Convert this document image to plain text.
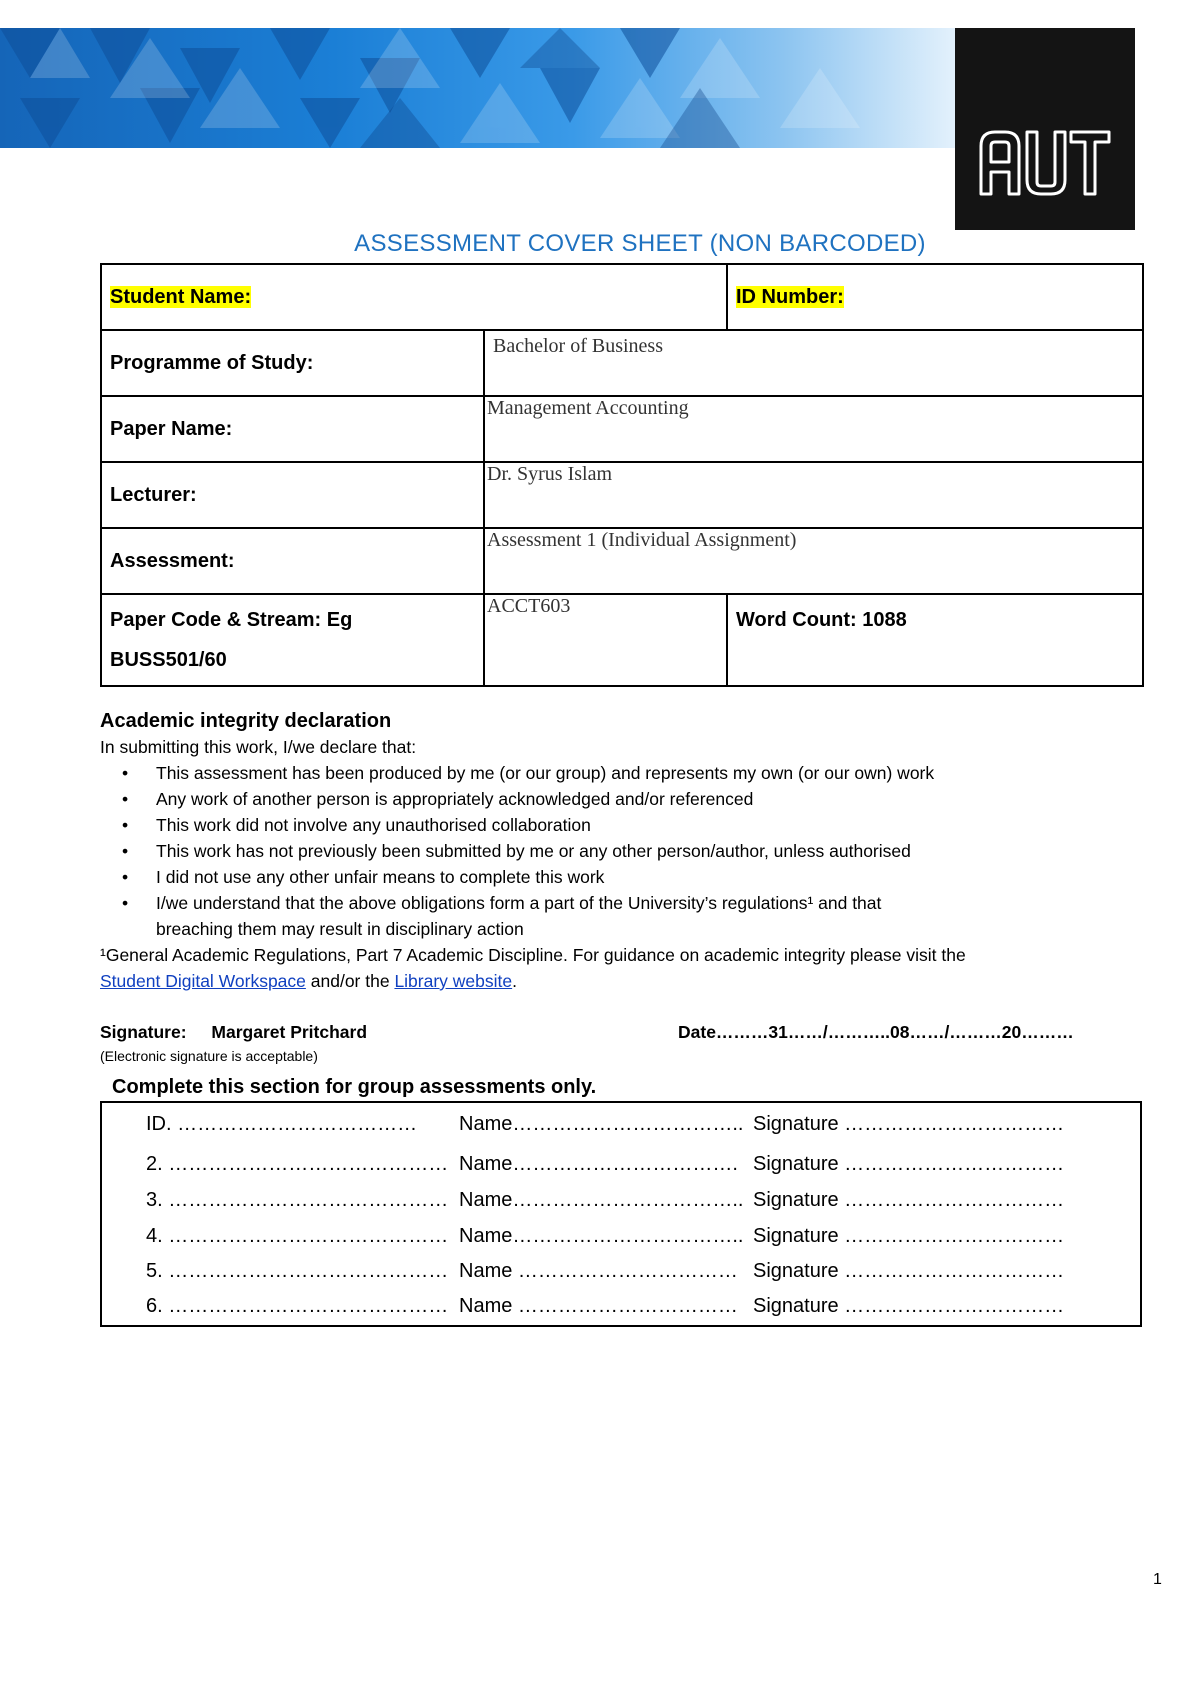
ASSESSMENT COVER SHEET (NON BARCODED)
Student Name:		ID Number:
Programme of Study:	Bachelor of Business	
Paper Name:	Management Accounting	
Lecturer:	Dr. Syrus Islam	
Assessment:	Assessment 1 (Individual Assignment)	

Paper Code & Stream: Eg
BUSS501/60	ACCT603	Word Count: 1088
Academic integrity declaration
In submitting this work, I/we declare that:
• This assessment has been produced by me (or our group) and represents my own (or our own) work
• Any work of another person is appropriately acknowledged and/or referenced
• This work did not involve any unauthorised collaboration
• This work has not previously been submitted by me or any other person/author, unless authorised
• I did not use any other unfair means to complete this work
• I/we understand that the above obligations form a part of the University’s regulations¹ and that breaching them may result in disciplinary action
¹General Academic Regulations, Part 7 Academic Discipline. For guidance on academic integrity please visit the
Student Digital Workspace and/or the Library website.
Signature: Margaret Pritchard	Date………31……/………..08……/………20………
(Electronic signature is acceptable)
Complete this section for group assessments only.
ID. ……………………………… Name…………………………….. Signature ……………………………
2. …………………………………… Name……………………………. Signature ……………………………
3. …………………………………… Name…………………………….. Signature ……………………………
4. …………………………………… Name…………………………….. Signature ……………………………
5. …………………………………… Name …………………………… Signature ……………………………
6. …………………………………… Name …………………………… Signature ……………………………
1
